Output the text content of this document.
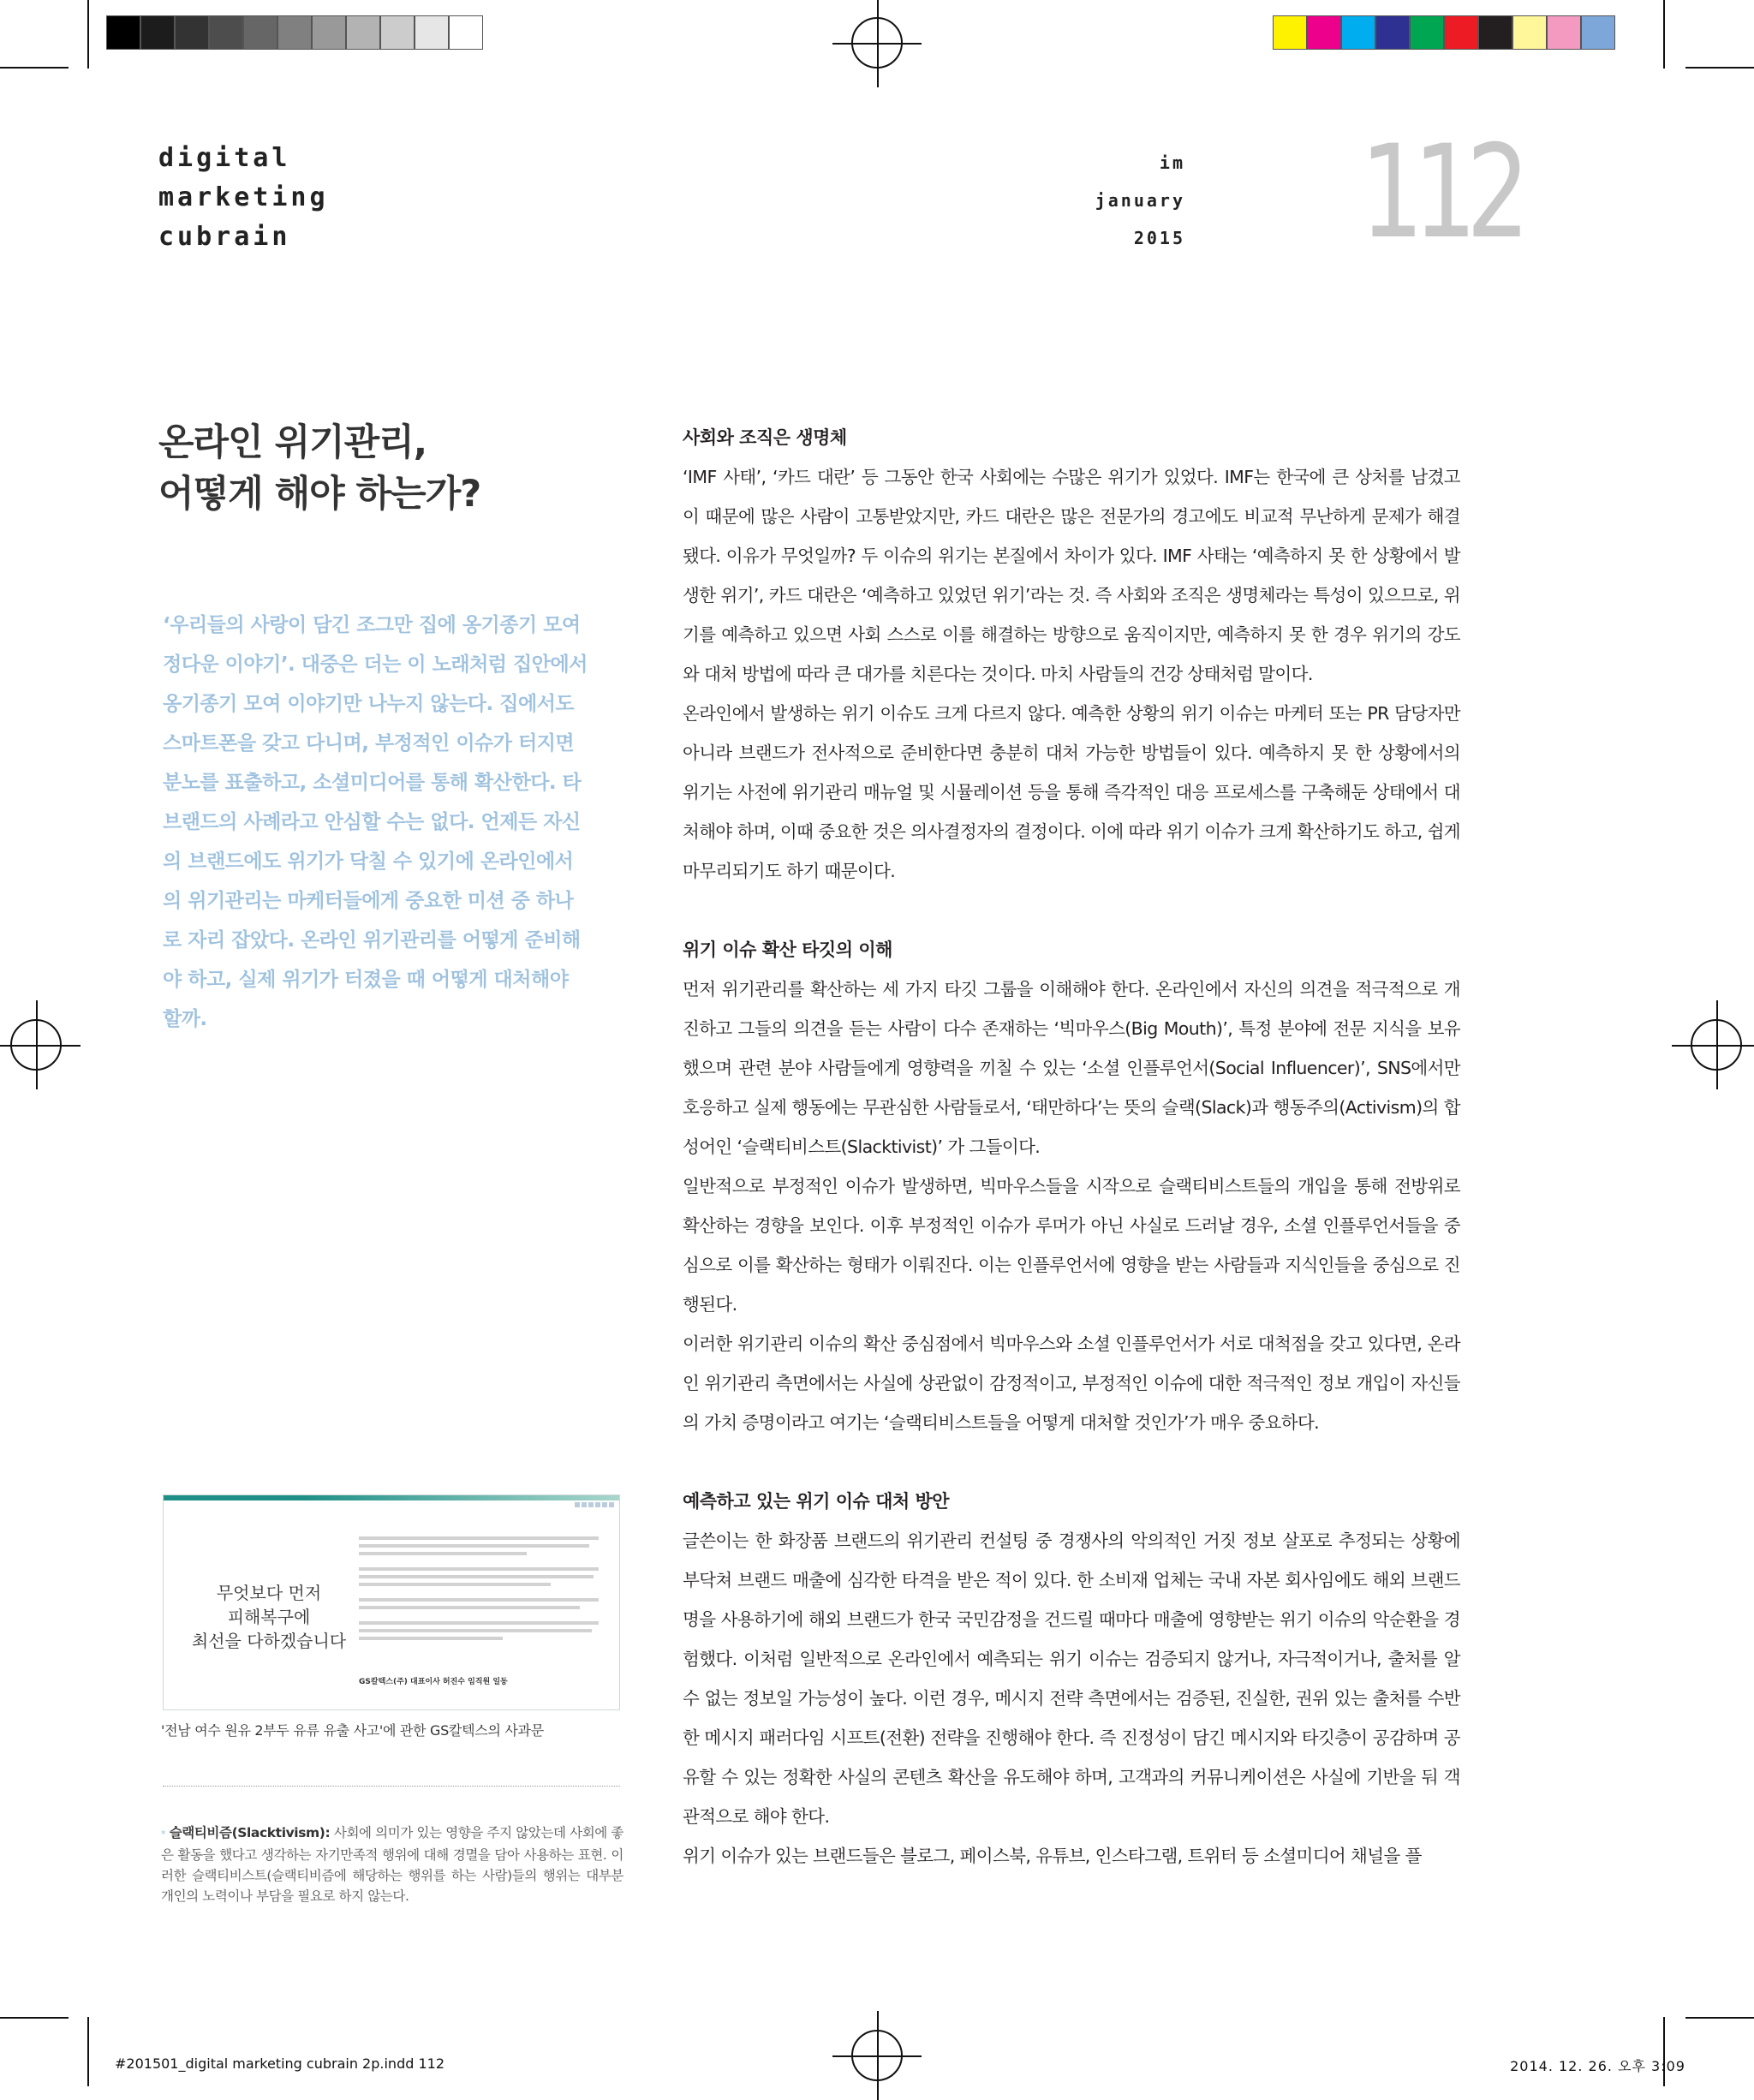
digital
marketing
cubrain
im
january
2015 112
온라인 위기관리,
어떻게 해야 하는가?
‘우리들의 사랑이 담긴 조그만 집에 옹기종기 모여 정다운 이야기’. 대중은 더는 이 노래처럼 집안에서 옹기종기 모여 이야기만 나누지 않는다. 집에서도 스마트폰을 갖고 다니며, 부정적인 이슈가 터지면 분노를 표출하고, 소셜미디어를 통해 확산한다. 타 브랜드의 사례라고 안심할 수는 없다. 언제든 자신의 브랜드에도 위기가 닥칠 수 있기에 온라인에서의 위기관리는 마케터들에게 중요한 미션 중 하나로 자리 잡았다. 온라인 위기관리를 어떻게 준비해야 하고, 실제 위기가 터졌을 때 어떻게 대처해야 할까.
무엇보다 먼저
피해복구에
최선을 다하겠습니다
GS칼텍스(주) 대표이사 허진수 임직원 일동
'전남 여수 원유 2부두 유류 유출 사고'에 관한 GS칼텍스의 사과문
* 슬랙티비즘(Slacktivism): 사회에 의미가 있는 영향을 주지 않았는데 사회에 좋은 활동을 했다고 생각하는 자기만족적 행위에 대해 경멸을 담아 사용하는 표현. 이러한 슬랙티비스트(슬랙티비즘에 해당하는 행위를 하는 사람)들의 행위는 대부분 개인의 노력이나 부담을 필요로 하지 않는다.
사회와 조직은 생명체

‘IMF 사태’, ‘카드 대란’ 등 그동안 한국 사회에는 수많은 위기가 있었다. IMF는 한국에 큰 상처를 남겼고 이 때문에 많은 사람이 고통받았지만, 카드 대란은 많은 전문가의 경고에도 비교적 무난하게 문제가 해결됐다. 이유가 무엇일까? 두 이슈의 위기는 본질에서 차이가 있다. IMF 사태는 ‘예측하지 못 한 상황에서 발생한 위기’, 카드 대란은 ‘예측하고 있었던 위기’라는 것. 즉 사회와 조직은 생명체라는 특성이 있으므로, 위기를 예측하고 있으면 사회 스스로 이를 해결하는 방향으로 움직이지만, 예측하지 못 한 경우 위기의 강도와 대처 방법에 따라 큰 대가를 치른다는 것이다. 마치 사람들의 건강 상태처럼 말이다.

온라인에서 발생하는 위기 이슈도 크게 다르지 않다. 예측한 상황의 위기 이슈는 마케터 또는 PR 담당자만 아니라 브랜드가 전사적으로 준비한다면 충분히 대처 가능한 방법들이 있다. 예측하지 못 한 상황에서의 위기는 사전에 위기관리 매뉴얼 및 시뮬레이션 등을 통해 즉각적인 대응 프로세스를 구축해둔 상태에서 대처해야 하며, 이때 중요한 것은 의사결정자의 결정이다. 이에 따라 위기 이슈가 크게 확산하기도 하고, 쉽게 마무리되기도 하기 때문이다.

위기 이슈 확산 타깃의 이해

먼저 위기관리를 확산하는 세 가지 타깃 그룹을 이해해야 한다. 온라인에서 자신의 의견을 적극적으로 개진하고 그들의 의견을 듣는 사람이 다수 존재하는 ‘빅마우스(Big Mouth)’, 특정 분야에 전문 지식을 보유했으며 관련 분야 사람들에게 영향력을 끼칠 수 있는 ‘소셜 인플루언서(Social Influencer)’, SNS에서만 호응하고 실제 행동에는 무관심한 사람들로서, ‘태만하다’는 뜻의 슬랙(Slack)과 행동주의(Activism)의 합성어인 ‘슬랙티비스트(Slacktivist)’ 가 그들이다.

일반적으로 부정적인 이슈가 발생하면, 빅마우스들을 시작으로 슬랙티비스트들의 개입을 통해 전방위로 확산하는 경향을 보인다. 이후 부정적인 이슈가 루머가 아닌 사실로 드러날 경우, 소셜 인플루언서들을 중심으로 이를 확산하는 형태가 이뤄진다. 이는 인플루언서에 영향을 받는 사람들과 지식인들을 중심으로 진행된다.

이러한 위기관리 이슈의 확산 중심점에서 빅마우스와 소셜 인플루언서가 서로 대척점을 갖고 있다면, 온라인 위기관리 측면에서는 사실에 상관없이 감정적이고, 부정적인 이슈에 대한 적극적인 정보 개입이 자신들의 가치 증명이라고 여기는 ‘슬랙티비스트들을 어떻게 대처할 것인가’가 매우 중요하다.

예측하고 있는 위기 이슈 대처 방안

글쓴이는 한 화장품 브랜드의 위기관리 컨설팅 중 경쟁사의 악의적인 거짓 정보 살포로 추정되는 상황에 부닥쳐 브랜드 매출에 심각한 타격을 받은 적이 있다. 한 소비재 업체는 국내 자본 회사임에도 해외 브랜드명을 사용하기에 해외 브랜드가 한국 국민감정을 건드릴 때마다 매출에 영향받는 위기 이슈의 악순환을 경험했다. 이처럼 일반적으로 온라인에서 예측되는 위기 이슈는 검증되지 않거나, 자극적이거나, 출처를 알 수 없는 정보일 가능성이 높다. 이런 경우, 메시지 전략 측면에서는 검증된, 진실한, 권위 있는 출처를 수반한 메시지 패러다임 시프트(전환) 전략을 진행해야 한다. 즉 진정성이 담긴 메시지와 타깃층이 공감하며 공유할 수 있는 정확한 사실의 콘텐츠 확산을 유도해야 하며, 고객과의 커뮤니케이션은 사실에 기반을 둬 객관적으로 해야 한다.

위기 이슈가 있는 브랜드들은 블로그, 페이스북, 유튜브, 인스타그램, 트위터 등 소셜미디어 채널을 플

#201501_digital marketing cubrain 2p.indd 112	2014. 12. 26. 오후 3:09
